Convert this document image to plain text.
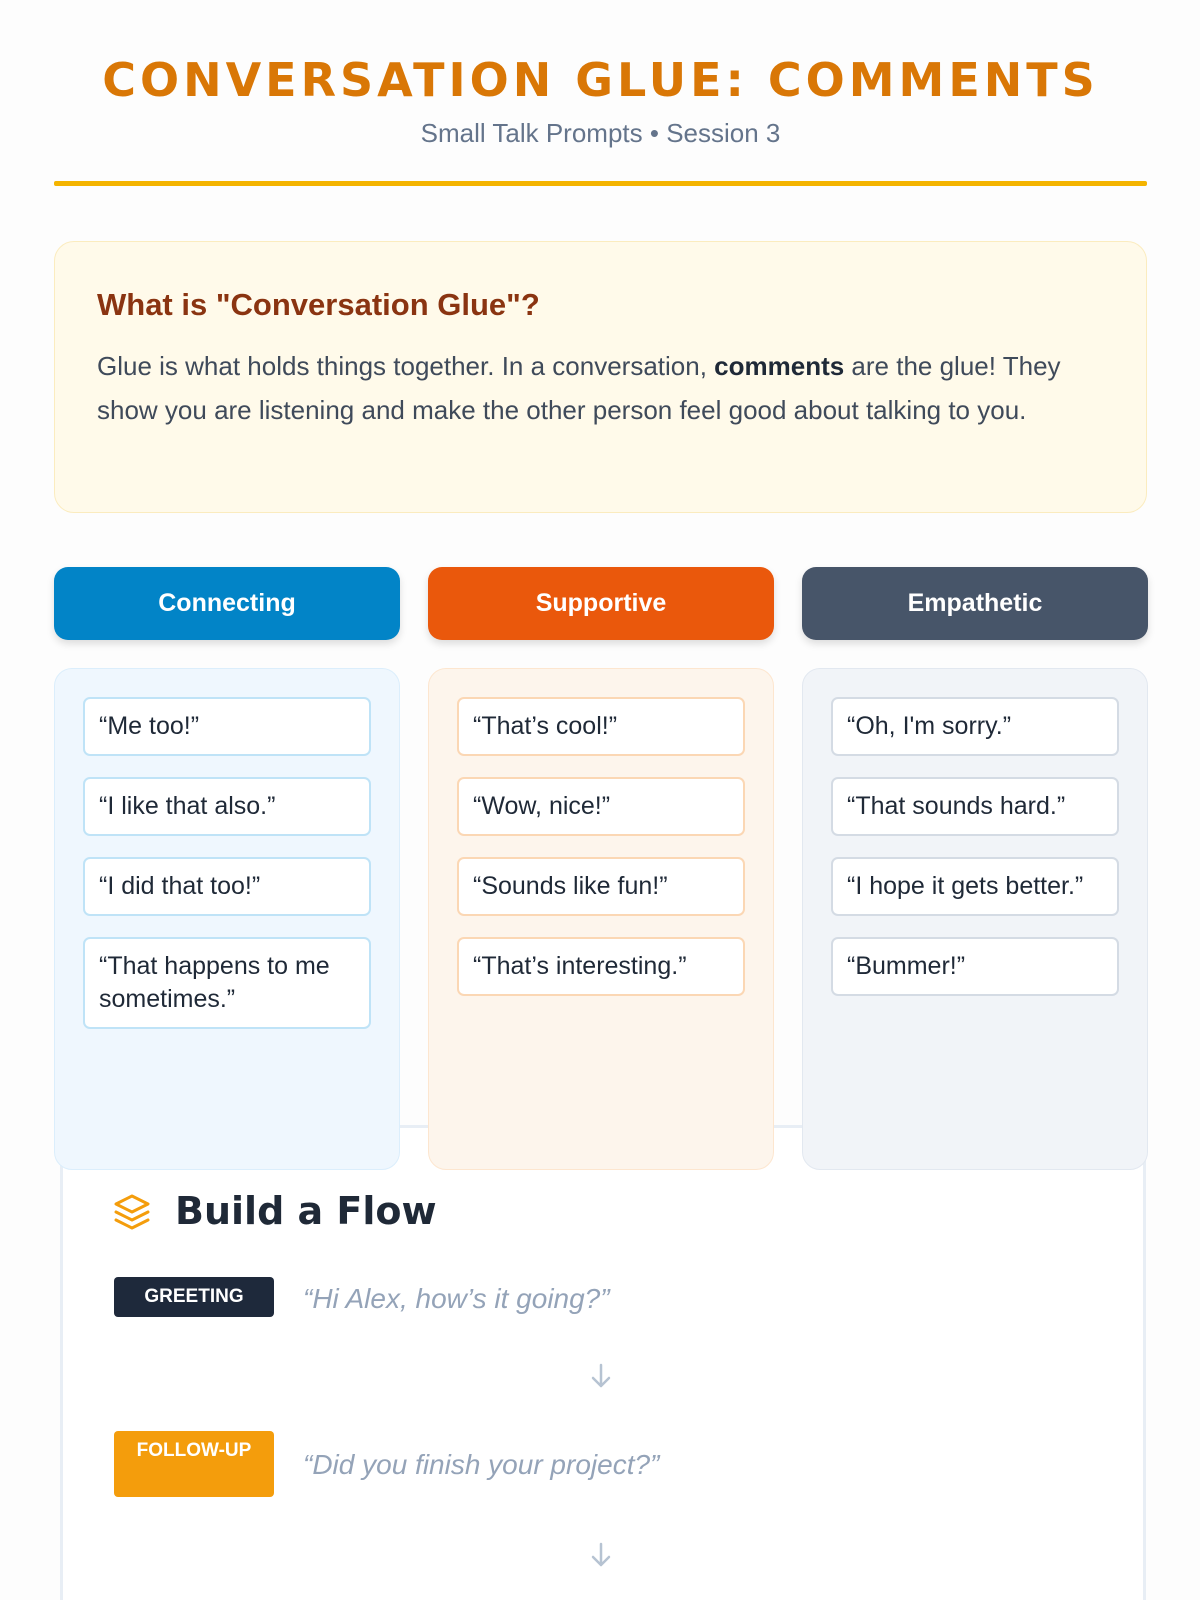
CONVERSATION GLUE: COMMENTS
Small Talk Prompts • Session 3
What is "Conversation Glue"?

Glue is what holds things together. In a conversation, comments are the glue! They show you are listening and make the other person feel good about talking to you.

Connecting	Supportive	Empathetic
“Me too!”
“I like that also.”
“I did that too!”
“That happens to me sometimes.”
“That’s cool!”
“Wow, nice!”
“Sounds like fun!”
“That’s interesting.”
“Oh, I'm sorry.”
“That sounds hard.”
“I hope it gets better.”
“Bummer!”
Build a Flow
GREETING	“Hi Alex, how’s it going?”
FOLLOW-UP	“Did you finish your project?”
